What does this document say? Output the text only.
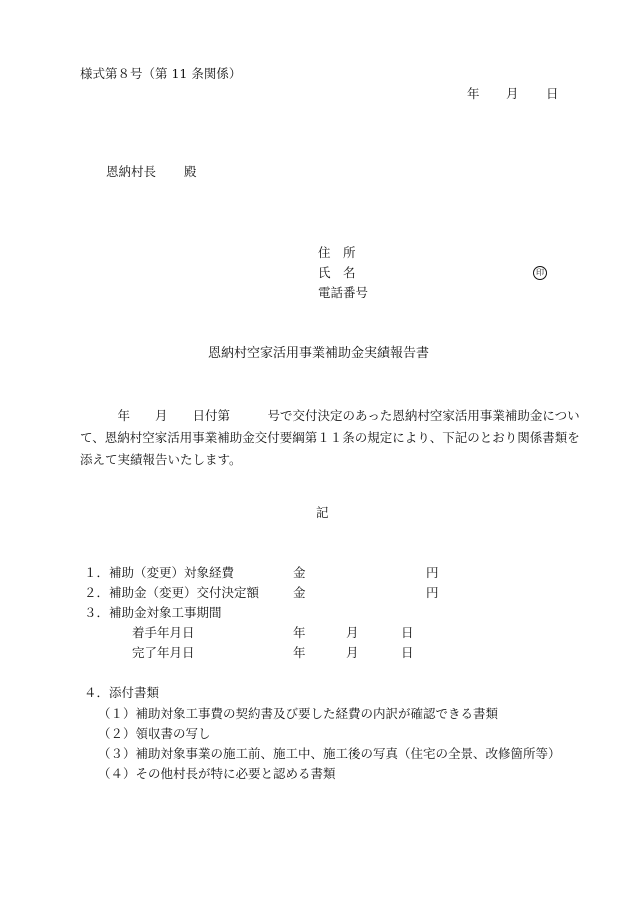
様式第８号（第 11 条関係）
年 月 日
恩納村長 殿
住　所
氏　名	印
電話番号
恩納村空家活用事業補助金実績報告書
年　　月　　日付第　　　号で交付決定のあった恩納村空家活用事業補助金について、恩納村空家活用事業補助金交付要綱第１１条の規定により、下記のとおり関係書類を添えて実績報告いたします。
記
１．補助（変更）対象経費	金	円
２．補助金（変更）交付決定額	金	円
３．補助金対象工事期間
着手年月日	年	月	日
完了年月日	年	月	日
４．添付書類
（１）補助対象工事費の契約書及び要した経費の内訳が確認できる書類
（２）領収書の写し
（３）補助対象事業の施工前、施工中、施工後の写真（住宅の全景、改修箇所等）
（４）その他村長が特に必要と認める書類
